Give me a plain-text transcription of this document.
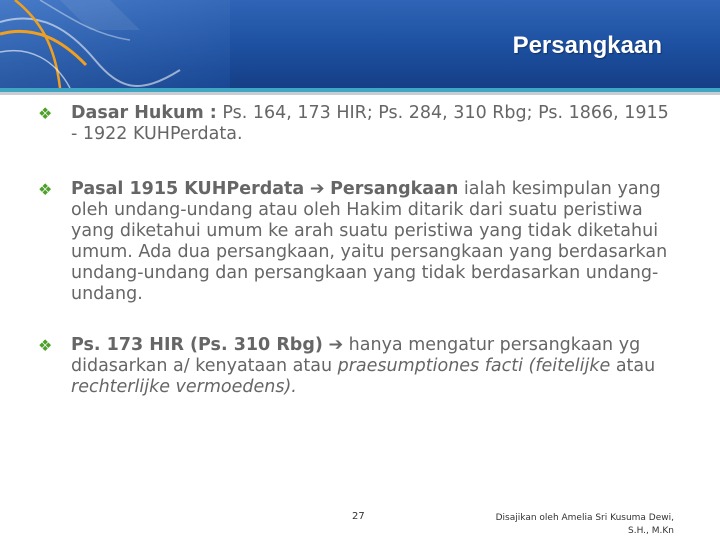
Persangkaan
❖ Dasar Hukum : Ps. 164, 173 HIR; Ps. 284, 310 Rbg; Ps. 1866, 1915 - 1922 KUHPerdata.
❖ Pasal 1915 KUHPerdata ➔ Persangkaan ialah kesimpulan yang oleh undang-undang atau oleh Hakim ditarik dari suatu peristiwa yang diketahui umum ke arah suatu peristiwa yang tidak diketahui umum. Ada dua persangkaan, yaitu persangkaan yang berdasarkan undang-undang dan persangkaan yang tidak berdasarkan undang-undang.
❖ Ps. 173 HIR (Ps. 310 Rbg) ➔ hanya mengatur persangkaan yg didasarkan a/ kenyataan atau praesumptiones facti (feitelijke atau rechterlijke vermoedens).
27	Disajikan oleh Amelia Sri Kusuma Dewi,
S.H., M.Kn
